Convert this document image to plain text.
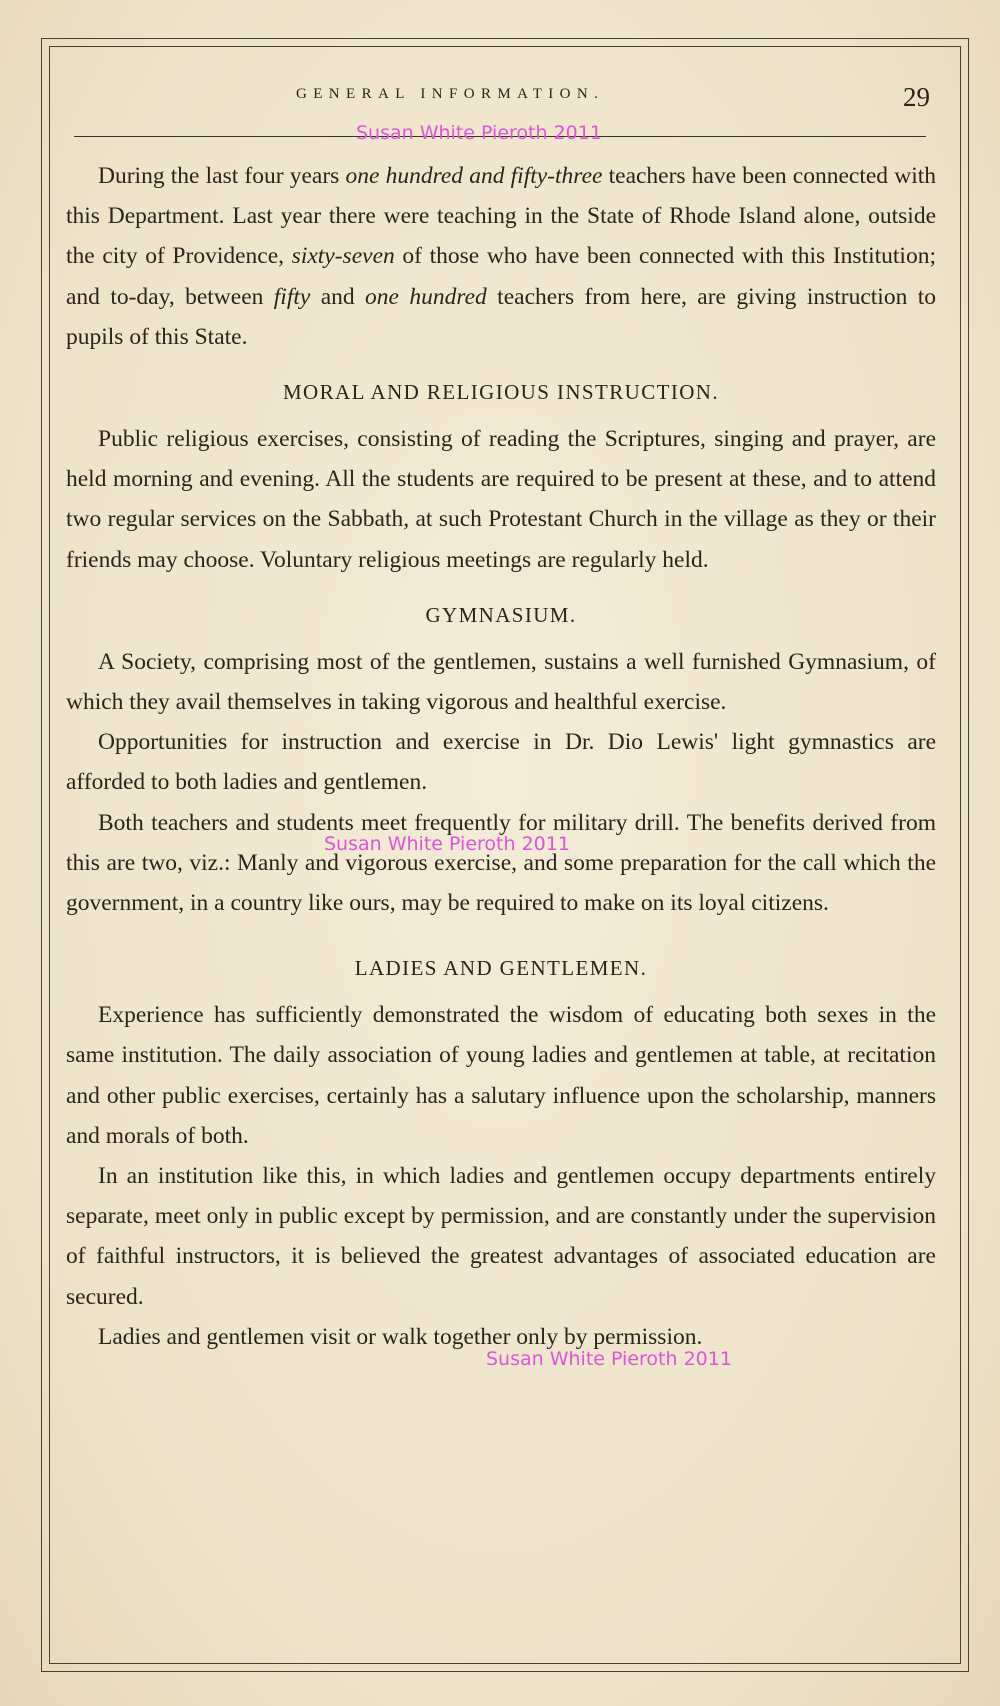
GENERAL INFORMATION.	29

During the last four years one hundred and fifty-three teachers have been connected with this Department. Last year there were teaching in the State of Rhode Island alone, outside the city of Providence, sixty-seven of those who have been connected with this Institution; and to-day, between fifty and one hundred teachers from here, are giving instruction to pupils of this State.

MORAL AND RELIGIOUS INSTRUCTION.

Public religious exercises, consisting of reading the Scriptures, singing and prayer, are held morning and evening. All the students are required to be present at these, and to attend two regular services on the Sabbath, at such Protestant Church in the village as they or their friends may choose. Voluntary religious meetings are regularly held.

GYMNASIUM.

A Society, comprising most of the gentlemen, sustains a well furnished Gymnasium, of which they avail themselves in taking vigorous and healthful exercise.

Opportunities for instruction and exercise in Dr. Dio Lewis' light gymnastics are afforded to both ladies and gentlemen.

Both teachers and students meet frequently for military drill. The benefits derived from this are two, viz.: Manly and vigorous exercise, and some preparation for the call which the government, in a country like ours, may be required to make on its loyal citizens.

LADIES AND GENTLEMEN.

Experience has sufficiently demonstrated the wisdom of educating both sexes in the same institution. The daily association of young ladies and gentlemen at table, at recitation and other public exercises, certainly has a salutary influence upon the scholarship, manners and morals of both.

In an institution like this, in which ladies and gentlemen occupy departments entirely separate, meet only in public except by permission, and are constantly under the supervision of faithful instructors, it is believed the greatest advantages of associated education are secured.

Ladies and gentlemen visit or walk together only by permission.

Susan White Pieroth 2011
Susan White Pieroth 2011
Susan White Pieroth 2011
